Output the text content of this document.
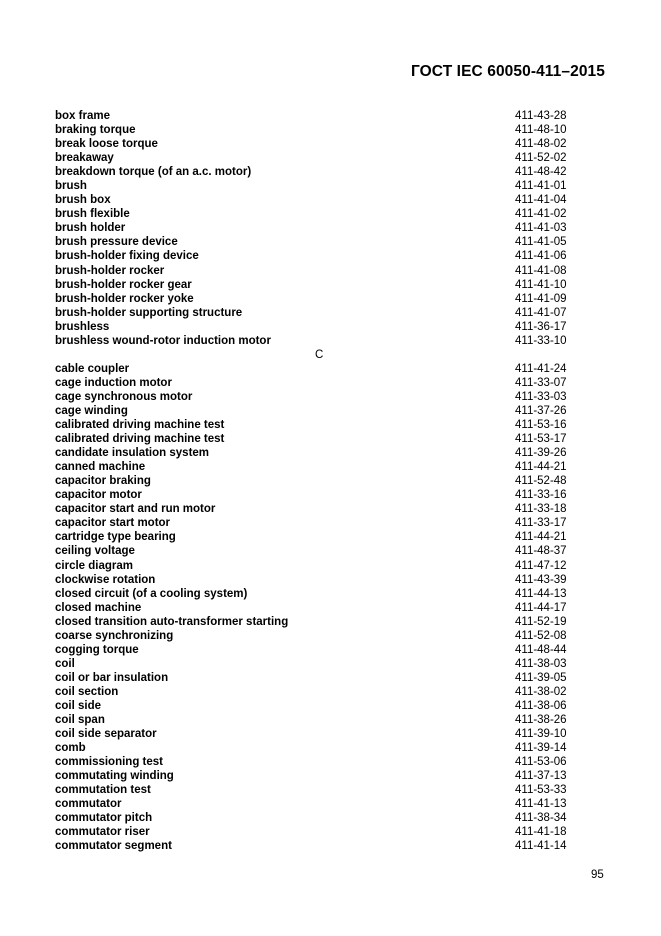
ГОСТ IEC 60050-411–2015
box frame	411-43-28
braking torque	411-48-10
break loose torque	411-48-02
breakaway	411-52-02
breakdown torque (of an a.c. motor)	411-48-42
brush	411-41-01
brush box	411-41-04
brush flexible	411-41-02
brush holder	411-41-03
brush pressure device	411-41-05
brush-holder fixing device	411-41-06
brush-holder rocker	411-41-08
brush-holder rocker gear	411-41-10
brush-holder rocker yoke	411-41-09
brush-holder supporting structure	411-41-07
brushless	411-36-17
brushless wound-rotor induction motor	411-33-10
C
cable coupler	411-41-24
cage induction motor	411-33-07
cage synchronous motor	411-33-03
cage winding	411-37-26
calibrated driving machine test	411-53-16
calibrated driving machine test	411-53-17
candidate insulation system	411-39-26
canned machine	411-44-21
capacitor braking	411-52-48
capacitor motor	411-33-16
capacitor start and run motor	411-33-18
capacitor start motor	411-33-17
cartridge type bearing	411-44-21
ceiling voltage	411-48-37
circle diagram	411-47-12
clockwise rotation	411-43-39
closed circuit (of a cooling system)	411-44-13
closed machine	411-44-17
closed transition auto-transformer starting	411-52-19
coarse synchronizing	411-52-08
cogging torque	411-48-44
coil	411-38-03
coil or bar insulation	411-39-05
coil section	411-38-02
coil side	411-38-06
coil span	411-38-26
coil side separator	411-39-10
comb	411-39-14
commissioning test	411-53-06
commutating winding	411-37-13
commutation test	411-53-33
commutator	411-41-13
commutator pitch	411-38-34
commutator riser	411-41-18
commutator segment	411-41-14
95
